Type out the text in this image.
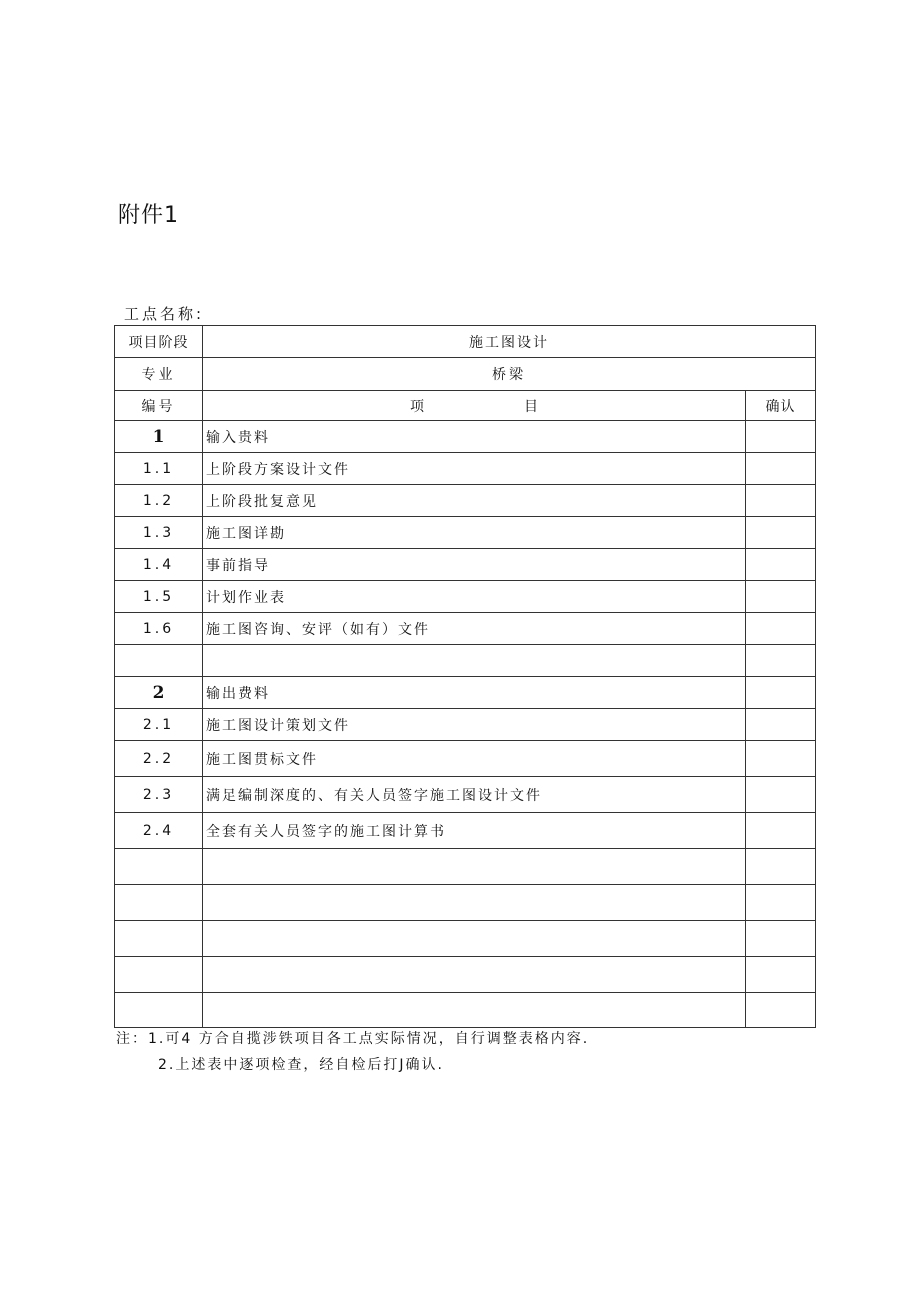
附件1
工点名称:
项目阶段	施工图设计	
专业	桥梁	
编号	项 目	确认
1	输入贵料	
1.1	上阶段方案设计文件	
1.2	上阶段批复意见	
1.3	施工图详勘	
1.4	事前指导	
1.5	计划作业表	
1.6	施工图咨询、安评（如有）文件	

2	输出费料	
2.1	施工图设计策划文件	
2.2	施工图贯标文件	
2.3	满足编制深度的、有关人员签字施工图设计文件	
2.4	全套有关人员签字的施工图计算书	

注：1.可4 方合自揽涉铁项目各工点实际情况，自行调整表格内容.
2.上述表中逐项检查，经自检后打J确认.
